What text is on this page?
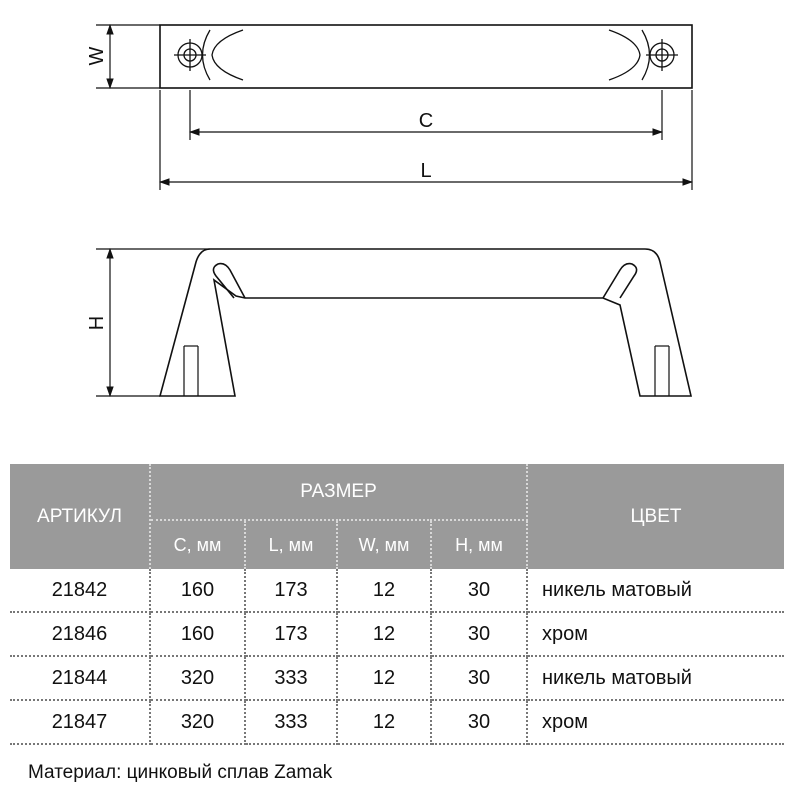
W
C
L
H
АРТИКУЛ	РАЗМЕР				ЦВЕТ
	C, мм	L, мм	W, мм	H, мм	
21842	160	173	12	30	никель матовый
21846	160	173	12	30	хром
21844	320	333	12	30	никель матовый
21847	320	333	12	30	хром
Материал: цинковый сплав Zamak
